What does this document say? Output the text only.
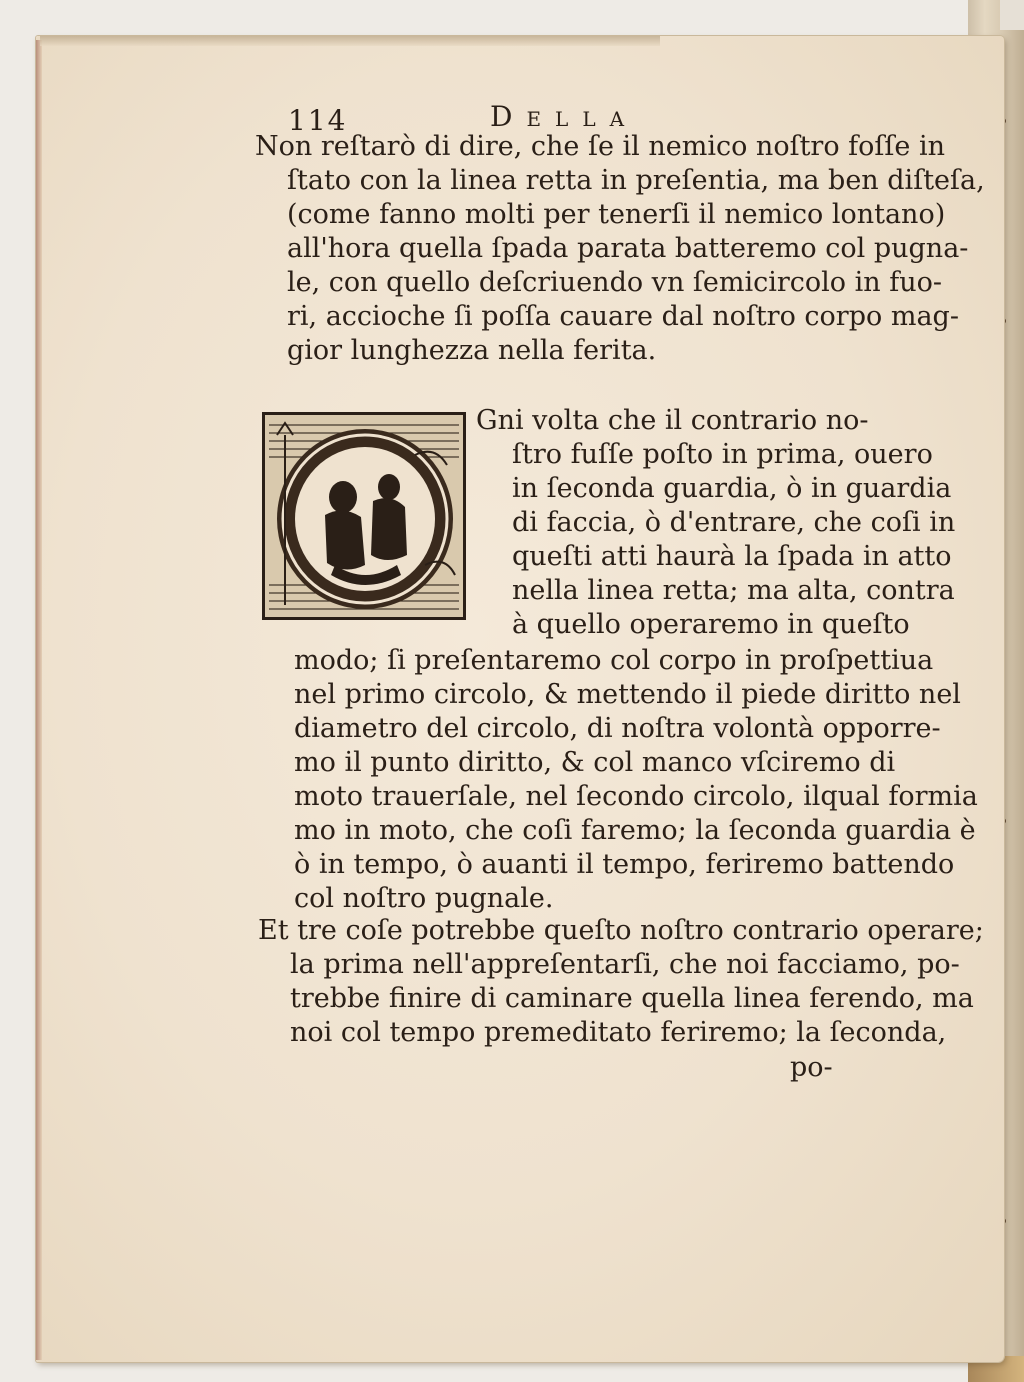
114	Della
Non reſtarò di dire, che ſe il nemico noſtro foſſe in
ſtato con la linea retta in preſentia, ma ben diſteſa,
(come fanno molti per tenerſi il nemico lontano)
all'hora quella ſpada parata batteremo col pugna-
le, con quello deſcriuendo vn ſemicircolo in fuo-
ri, accioche ſi poſſa cauare dal noſtro corpo mag-
gior lunghezza nella ferita.
Gni volta che il contrario no-
ſtro fuſſe poſto in prima, ouero
in ſeconda guardia, ò in guardia
di faccia, ò d'entrare, che coſi in
queſti atti haurà la ſpada in atto
nella linea retta; ma alta, contra
à quello operaremo in queſto
modo; ſi preſentaremo col corpo in proſpettiua
nel primo circolo, & mettendo il piede diritto nel
diametro del circolo, di noſtra volontà opporre-
mo il punto diritto, & col manco vſciremo di
moto trauerſale, nel ſecondo circolo, ilqual formia
mo in moto, che coſi faremo; la ſeconda guardia è
ò in tempo, ò auanti il tempo, feriremo battendo
col noſtro pugnale.
Et tre coſe potrebbe queſto noſtro contrario operare;
la prima nell'appreſentarſi, che noi facciamo, po-
trebbe finire di caminare quella linea ferendo, ma
noi col tempo premeditato feriremo; la ſeconda,
po-
